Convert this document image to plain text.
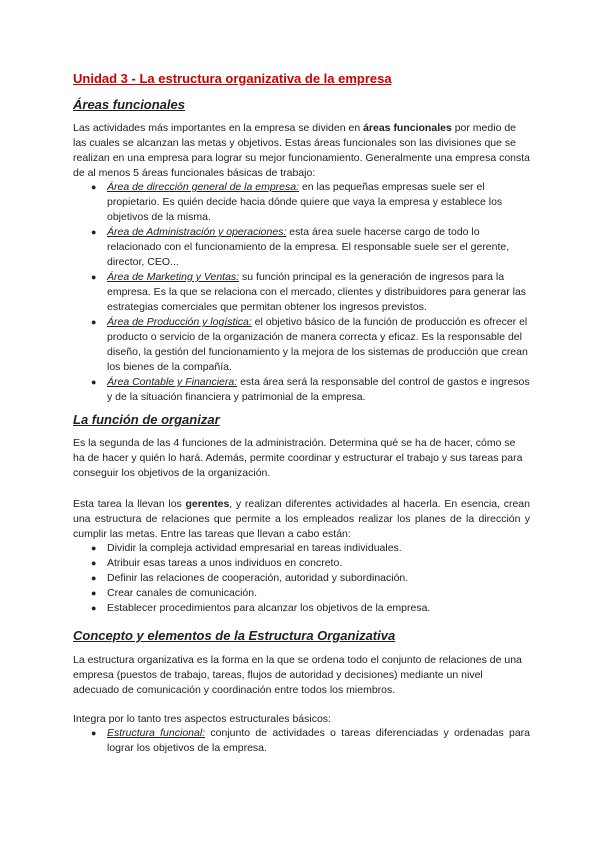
Unidad 3 - La estructura organizativa de la empresa
Áreas funcionales

Las actividades más importantes en la empresa se dividen en áreas funcionales por medio de las cuales se alcanzan las metas y objetivos. Estas áreas funcionales son las divisiones que se realizan en una empresa para lograr su mejor funcionamiento. Generalmente una empresa consta de al menos 5 áreas funcionales básicas de trabajo:

● Área de dirección general de la empresa: en las pequeñas empresas suele ser el propietario. Es quién decide hacia dónde quiere que vaya la empresa y establece los objetivos de la misma.
● Área de Administración y operaciones: esta área suele hacerse cargo de todo lo relacionado con el funcionamiento de la empresa. El responsable suele ser el gerente, director, CEO...
● Área de Marketing y Ventas: su función principal es la generación de ingresos para la empresa. Es la que se relaciona con el mercado, clientes y distribuidores para generar las estrategias comerciales que permitan obtener los ingresos previstos.
● Área de Producción y logística: el objetivo básico de la función de producción es ofrecer el producto o servicio de la organización de manera correcta y eficaz. Es la responsable del diseño, la gestión del funcionamiento y la mejora de los sistemas de producción que crean los bienes de la compañía.
● Área Contable y Financiera: esta área será la responsable del control de gastos e ingresos y de la situación financiera y patrimonial de la empresa.
La función de organizar

Es la segunda de las 4 funciones de la administración. Determina qué se ha de hacer, cómo se ha de hacer y quién lo hará. Además, permite coordinar y estructurar el trabajo y sus tareas para conseguir los objetivos de la organización.

Esta tarea la llevan los gerentes, y realizan diferentes actividades al hacerla. En esencia, crean una estructura de relaciones que permite a los empleados realizar los planes de la dirección y cumplir las metas. Entre las tareas que llevan a cabo están:

● Dividir la compleja actividad empresarial en tareas individuales.
● Atribuir esas tareas a unos individuos en concreto.
● Definir las relaciones de cooperación, autoridad y subordinación.
● Crear canales de comunicación.
● Establecer procedimientos para alcanzar los objetivos de la empresa.
Concepto y elementos de la Estructura Organizativa

La estructura organizativa es la forma en la que se ordena todo el conjunto de relaciones de una empresa (puestos de trabajo, tareas, flujos de autoridad y decisiones) mediante un nivel adecuado de comunicación y coordinación entre todos los miembros.

Integra por lo tanto tres aspectos estructurales básicos:

● Estructura funcional: conjunto de actividades o tareas diferenciadas y ordenadas para lograr los objetivos de la empresa.
